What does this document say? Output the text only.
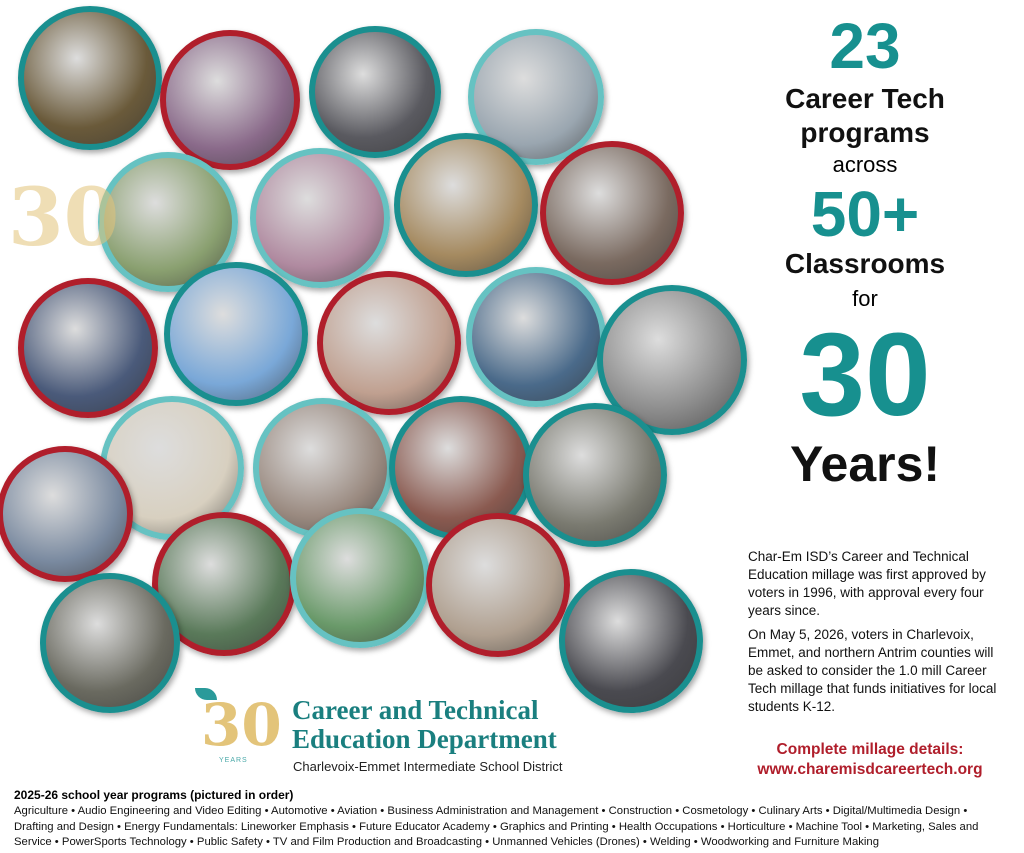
30
23
Career Tech
programs
across
50+
Classrooms
for
30
Years!
Char-Em ISD’s Career and Technical Education millage was first approved by voters in 1996, with approval every four years since.
On May 5, 2026, voters in Charlevoix, Emmet, and northern Antrim counties will be asked to consider the 1.0 mill Career Tech millage that funds initiatives for local students K-12.
Complete millage details:
www.charemisdcareertech.org
30
YEARS
Career and Technical
Education Department
Charlevoix-Emmet Intermediate School District
2025-26 school year programs (pictured in order)
Agriculture • Audio Engineering and Video Editing • Automotive • Aviation • Business Administration and Management • Construction • Cosmetology • Culinary Arts • Digital/Multimedia Design • Drafting and Design • Energy Fundamentals: Lineworker Emphasis • Future Educator Academy • Graphics and Printing • Health Occupations • Horticulture • Machine Tool • Marketing, Sales and Service • PowerSports Technology • Public Safety • TV and Film Production and Broadcasting • Unmanned Vehicles (Drones) • Welding • Woodworking and Furniture Making
